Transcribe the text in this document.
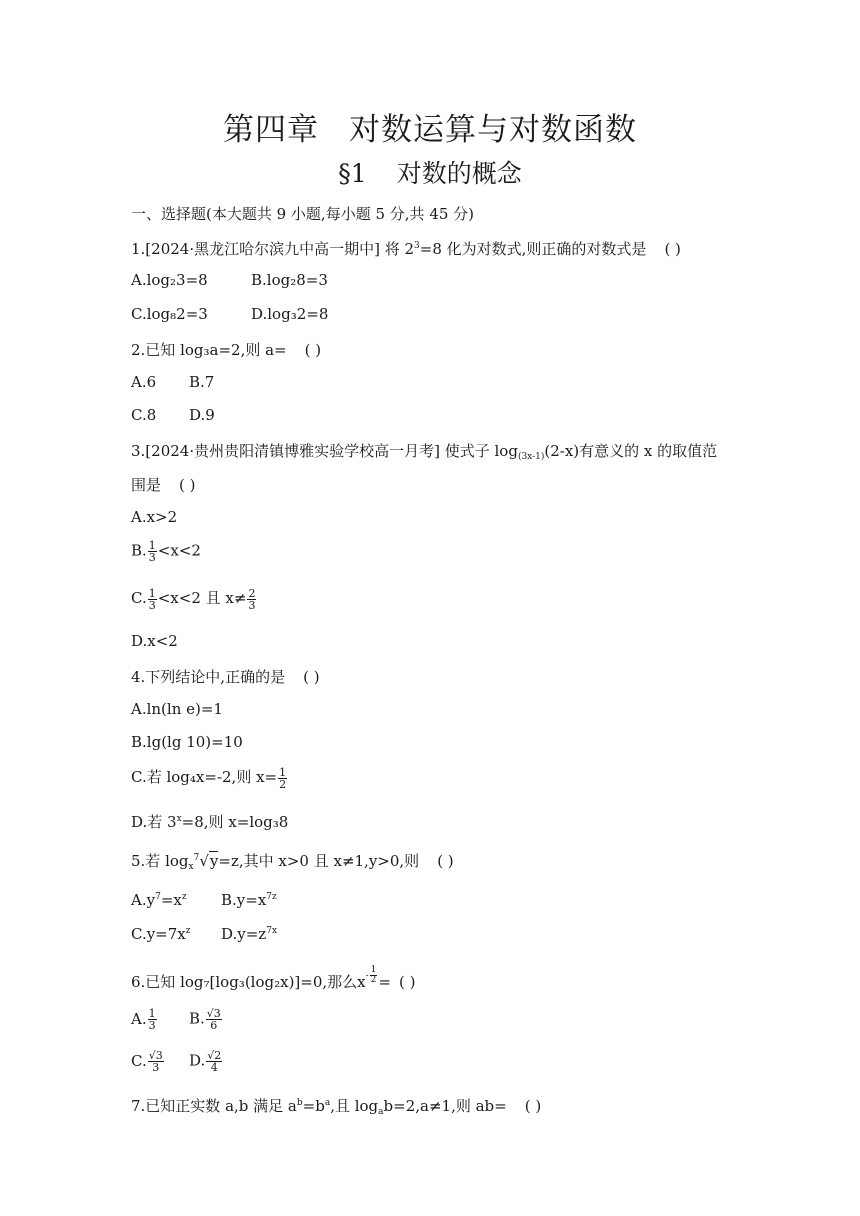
第四章 对数运算与对数函数
§1 对数的概念
一、选择题(本大题共 9 小题,每小题 5 分,共 45 分)
1.[2024·黑龙江哈尔滨九中高一期中] 将 $2^3=8$ 化为对数式,则正确的对数式是 ( )
A.log₂3=8	B.log₂8=3
C.log₈2=3	D.log₃2=8
2.已知 log₃a=2,则 a= ( )
A.6 B.7
C.8 D.9
3.[2024·贵州贵阳清镇博雅实验学校高一月考] 使式子 $\log_{(3x-1)}(2-x)$有意义的 x 的取值范
围是 ( )
A.x>2
B. $\frac{1}{3} <x<2$
C. $\frac{1}{3} <x<2$ 且 $x\ne \frac{2}{3}$
D.x<2
4.下列结论中,正确的是 ( )
A.ln(ln e)=1
B.lg(lg 10)=10
C.若 log₄x=-2,则 $x= \frac{1}{2}$
D.若 $3^x=8$,则 x=log₃8
5.若 $\log_x^7√y=z$,其中 x>0 且 x≠1,y>0,则 ( )
$A.y^7=x^z$ $B.y=x^{7z}$
$C.y=7x^z$ $D.y=z^{7x}$
6.已知 log₇[log₃(log₂x)]=0,那么$x- \frac{1}{2}$ = ( )
A. $\frac{1}{3} B$. $\frac{√3}{6}$
C. $\frac{√3}{3} D$. $\frac{√2}{4}$
7.已知正实数 a,b 满足 $a^b=b^a$,且 $\log_ab=2,a\ne 1$,则 ab= ( )
